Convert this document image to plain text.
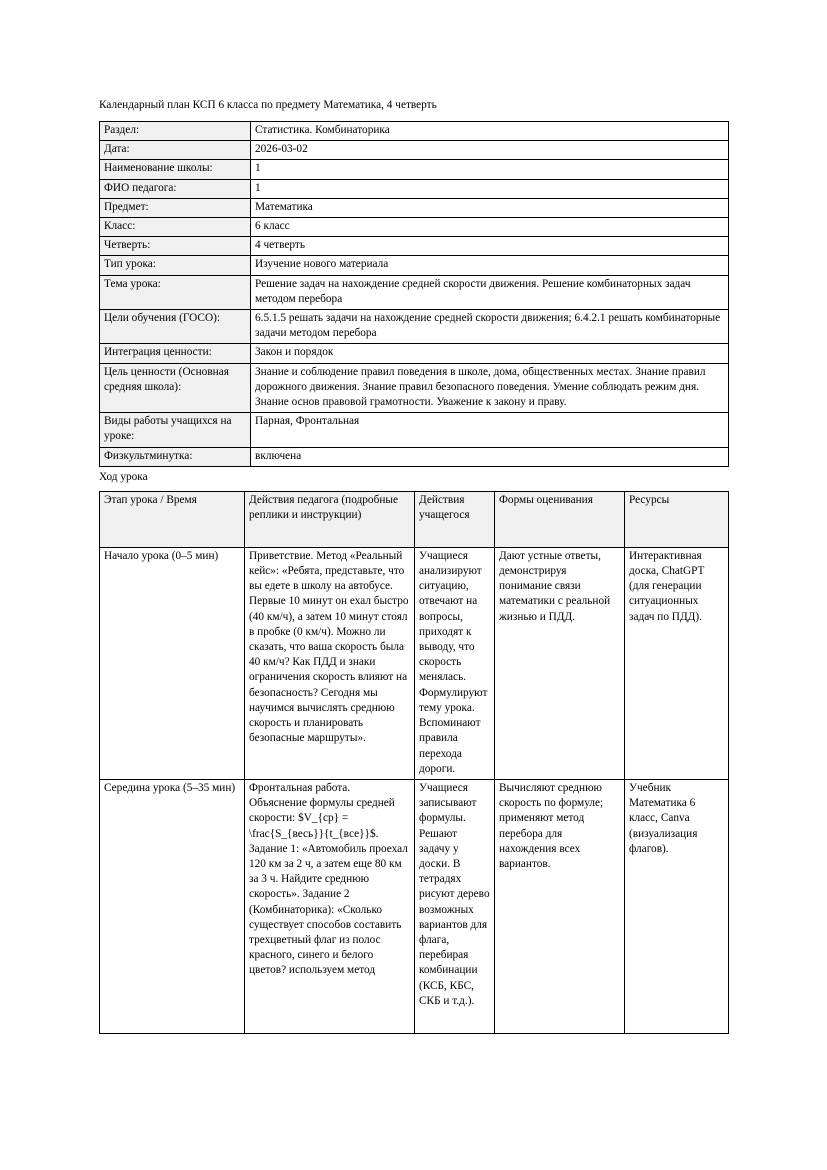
Календарный план КСП 6 класса по предмету Математика, 4 четверть

Раздел:	Статистика. Комбинаторика
Дата:	2026-03-02
Наименование школы:	1
ФИО педагога:	1
Предмет:	Математика
Класс:	6 класс
Четверть:	4 четверть
Тип урока:	Изучение нового материала
Тема урока:	Решение задач на нахождение средней скорости движения. Решение комбинаторных задач методом перебора
Цели обучения (ГОСО):	6.5.1.5 решать задачи на нахождение средней скорости движения; 6.4.2.1 решать комбинаторные задачи методом перебора
Интеграция ценности:	Закон и порядок
Цель ценности (Основная средняя школа):	Знание и соблюдение правил поведения в школе, дома, общественных местах. Знание правил дорожного движения. Знание правил безопасного поведения. Умение соблюдать режим дня. Знание основ правовой грамотности. Уважение к закону и праву.
Виды работы учащихся на уроке:	Парная, Фронтальная
Физкультминутка:	включена

Ход урока

Этап урока / Время	Действия педагога (подробные реплики и инструкции)	Действия учащегося	Формы оценивания	Ресурсы
Начало урока (0–5 мин)	Приветствие. Метод «Реальный кейс»: «Ребята, представьте, что вы едете в школу на автобусе. Первые 10 минут он ехал быстро (40 км/ч), а затем 10 минут стоял в пробке (0 км/ч). Можно ли сказать, что ваша скорость была 40 км/ч? Как ПДД и знаки ограничения скорость влияют на безопасность? Сегодня мы научимся вычислять среднюю скорость и планировать безопасные маршруты».	Учащиеся анализируют ситуацию, отвечают на вопросы, приходят к выводу, что скорость менялась. Формулируют тему урока. Вспоминают правила перехода дороги.	Дают устные ответы, демонстрируя понимание связи математики с реальной жизнью и ПДД.	Интерактивная доска, ChatGPT (для генерации ситуационных задач по ПДД).
Середина урока (5–35 мин)	Фронтальная работа. Объяснение формулы средней скорости: $V_{cp} = \frac{S_{весь}}{t_{все}}$. Задание 1: «Автомобиль проехал 120 км за 2 ч, а затем еще 80 км за 3 ч. Найдите среднюю скорость». Задание 2 (Комбинаторика): «Сколько существует способов составить трехцветный флаг из полос красного, синего и белого цветов? используем метод	Учащиеся записывают формулы. Решают задачу у доски. В тетрадях рисуют дерево возможных вариантов для флага, перебирая комбинации (КСБ, КБС, СКБ и т.д.).	Вычисляют среднюю скорость по формуле; применяют метод перебора для нахождения всех вариантов.	Учебник Математика 6 класс, Canva (визуализация флагов).
